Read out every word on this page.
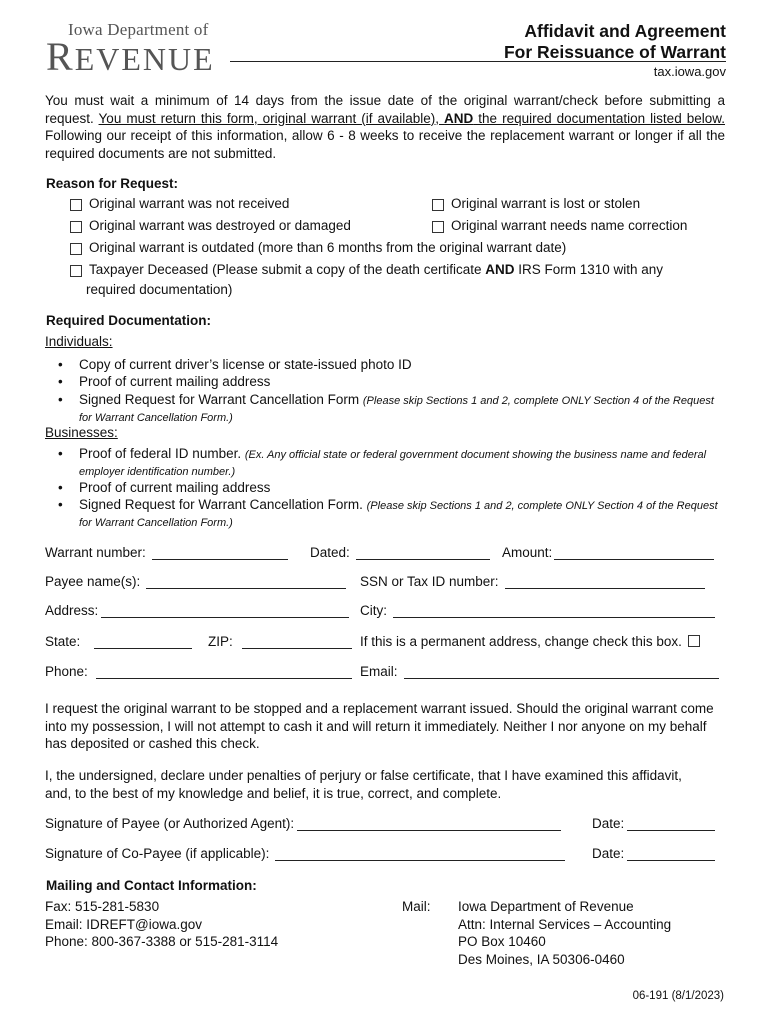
Iowa Department of
REVENUE
Affidavit and Agreement
For Reissuance of Warrant
tax.iowa.gov
You must wait a minimum of 14 days from the issue date of the original warrant/check before submitting a request. You must return this form, original warrant (if available), AND the required documentation listed below. Following our receipt of this information, allow 6 - 8 weeks to receive the replacement warrant or longer if all the required documents are not submitted.
Reason for Request:
Original warrant was not received	Original warrant is lost or stolen
Original warrant was destroyed or damaged	Original warrant needs name correction
Original warrant is outdated (more than 6 months from the original warrant date)
Taxpayer Deceased (Please submit a copy of the death certificate AND IRS Form 1310 with any
required documentation)
Required Documentation:
Individuals:
•	Copy of current driver’s license or state-issued photo ID
•	Proof of current mailing address
•	Signed Request for Warrant Cancellation Form (Please skip Sections 1 and 2, complete ONLY Section 4 of the Request for Warrant Cancellation Form.)
Businesses:
•	Proof of federal ID number. (Ex. Any official state or federal government document showing the business name and federal employer identification number.)
•	Proof of current mailing address
•	Signed Request for Warrant Cancellation Form. (Please skip Sections 1 and 2, complete ONLY Section 4 of the Request for Warrant Cancellation Form.)
Warrant number:	Dated:	Amount:
Payee name(s):	SSN or Tax ID number:
Address:	City:
State:	ZIP:	If this is a permanent address, change check this box.
Phone:	Email:
I request the original warrant to be stopped and a replacement warrant issued. Should the original warrant come into my possession, I will not attempt to cash it and will return it immediately. Neither I nor anyone on my behalf has deposited or cashed this check.
I, the undersigned, declare under penalties of perjury or false certificate, that I have examined this affidavit, and, to the best of my knowledge and belief, it is true, correct, and complete.
Signature of Payee (or Authorized Agent):	Date:
Signature of Co-Payee (if applicable):	Date:
Mailing and Contact Information:
Fax: 515-281-5830
Email: IDREFT@iowa.gov
Phone: 800-367-3388 or 515-281-3114
Mail: Iowa Department of Revenue
Attn: Internal Services – Accounting
PO Box 10460
Des Moines, IA 50306-0460
06-191 (8/1/2023)
